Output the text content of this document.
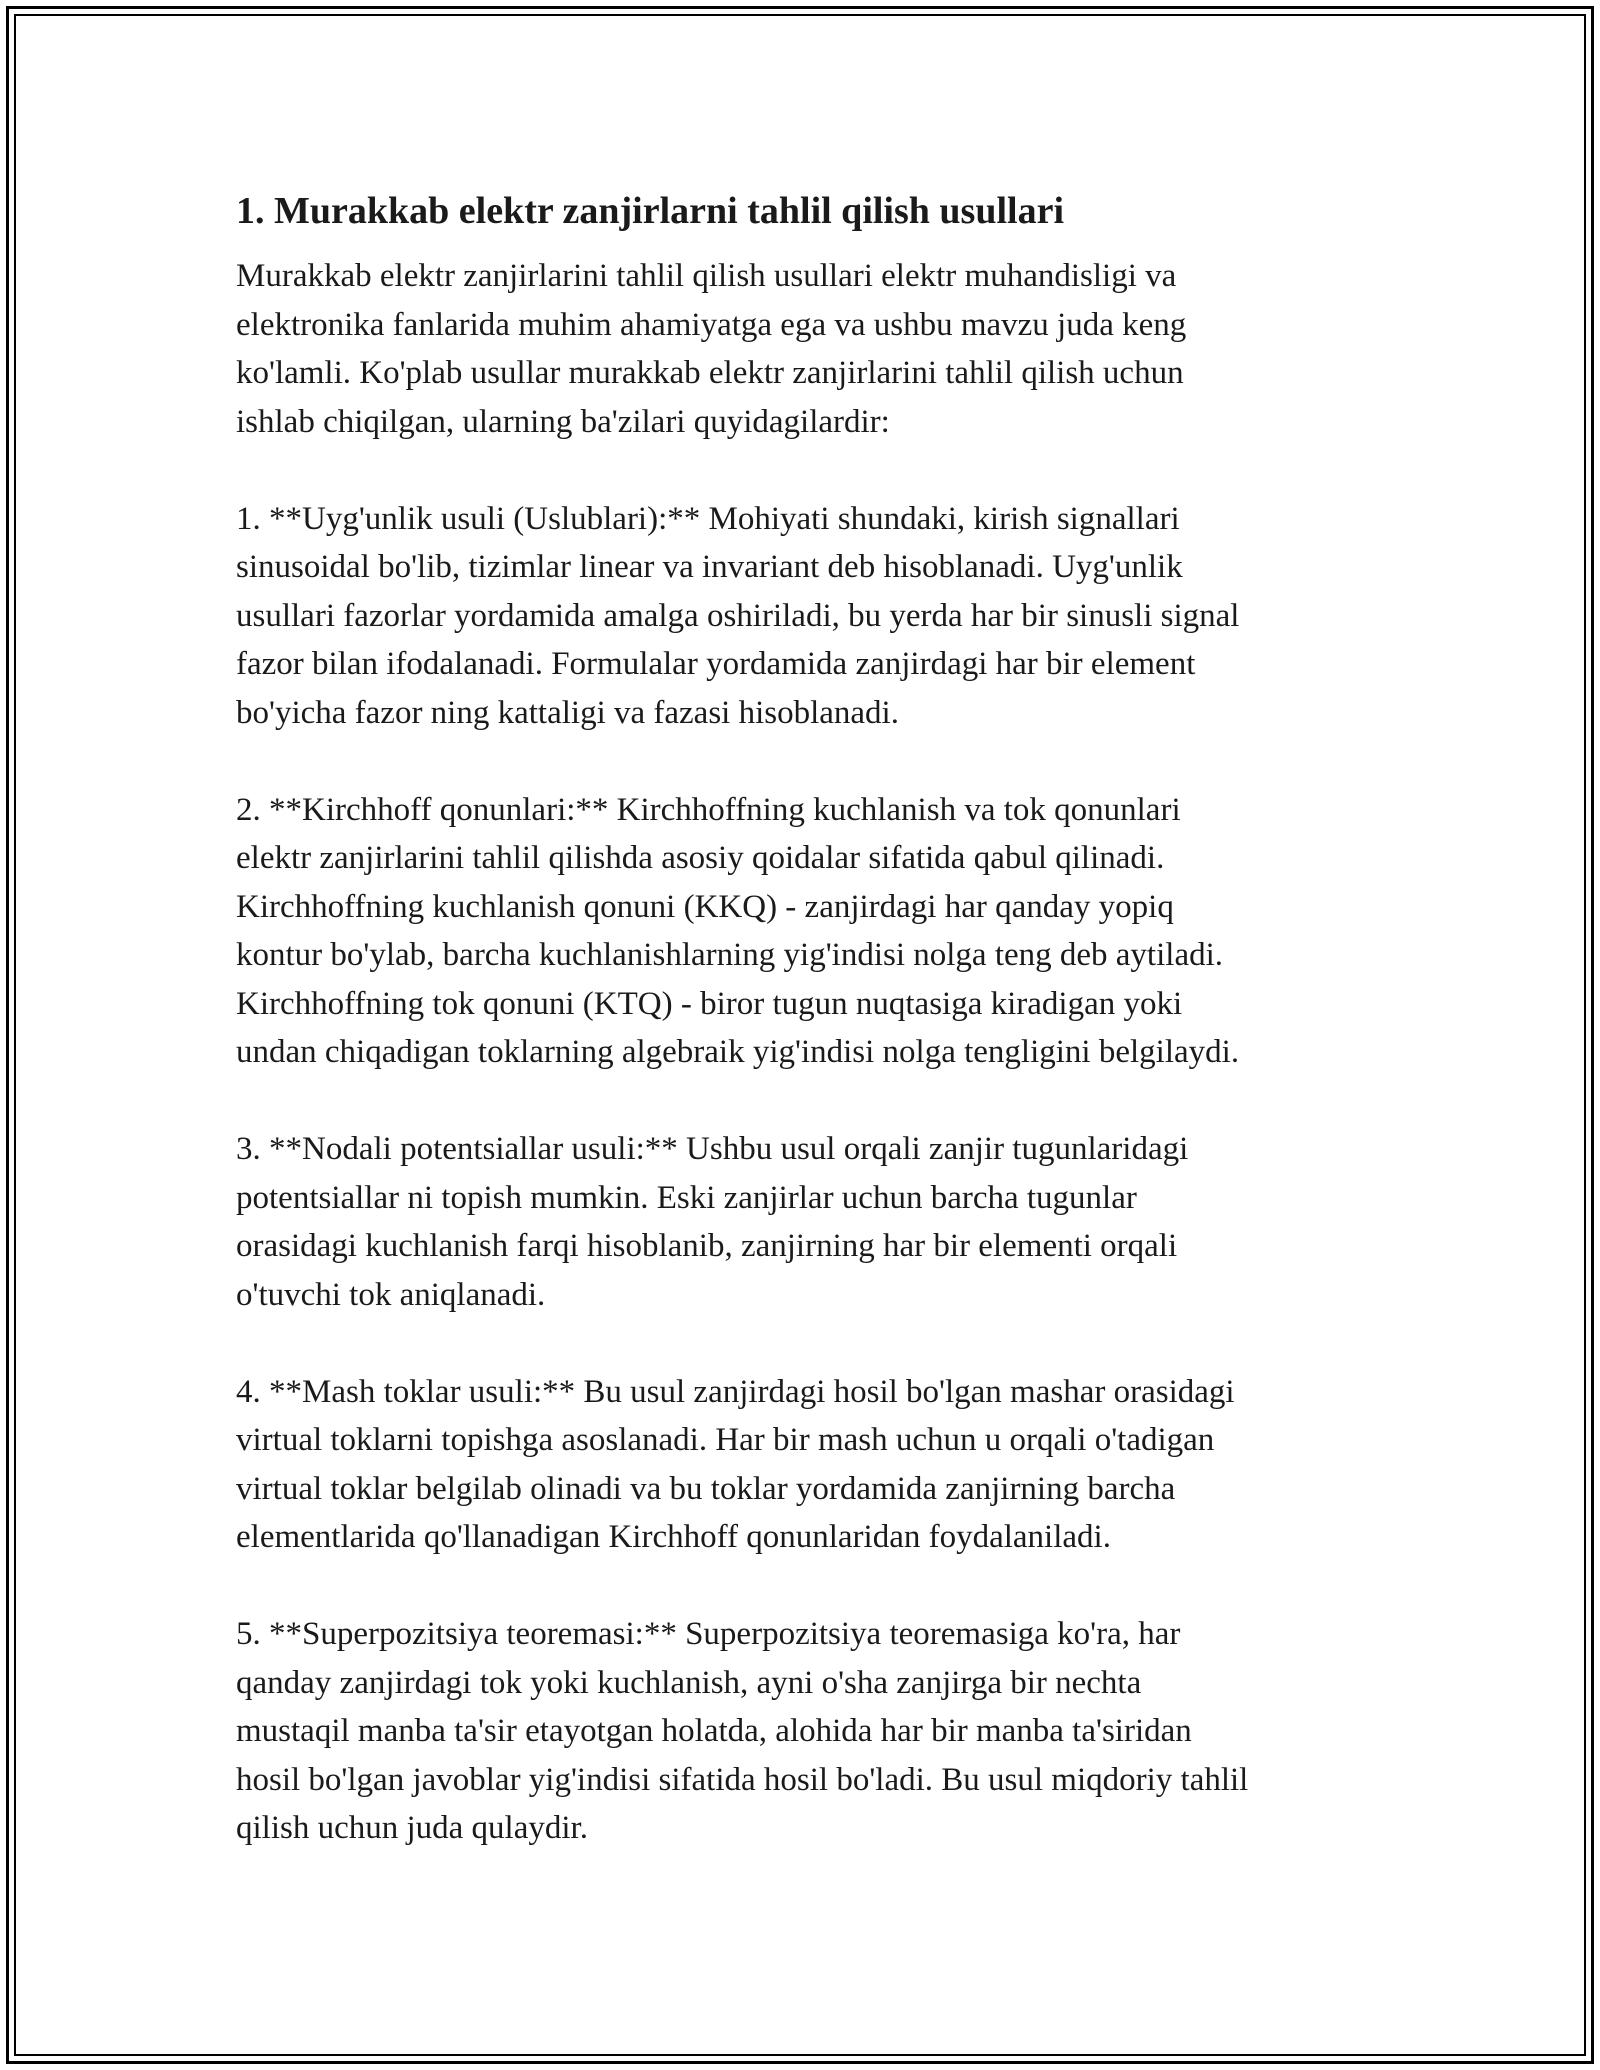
1. Murakkab elektr zanjirlarni tahlil qilish usullari

Murakkab elektr zanjirlarini tahlil qilish usullari elektr muhandisligi va
elektronika fanlarida muhim ahamiyatga ega va ushbu mavzu juda keng
ko'lamli. Ko'plab usullar murakkab elektr zanjirlarini tahlil qilish uchun
ishlab chiqilgan, ularning ba'zilari quyidagilardir:

1. **Uyg'unlik usuli (Uslublari):** Mohiyati shundaki, kirish signallari
sinusoidal bo'lib, tizimlar linear va invariant deb hisoblanadi. Uyg'unlik
usullari fazorlar yordamida amalga oshiriladi, bu yerda har bir sinusli signal
fazor bilan ifodalanadi. Formulalar yordamida zanjirdagi har bir element
bo'yicha fazor ning kattaligi va fazasi hisoblanadi.

2. **Kirchhoff qonunlari:** Kirchhoffning kuchlanish va tok qonunlari
elektr zanjirlarini tahlil qilishda asosiy qoidalar sifatida qabul qilinadi.
Kirchhoffning kuchlanish qonuni (KKQ) - zanjirdagi har qanday yopiq
kontur bo'ylab, barcha kuchlanishlarning yig'indisi nolga teng deb aytiladi.
Kirchhoffning tok qonuni (KTQ) - biror tugun nuqtasiga kiradigan yoki
undan chiqadigan toklarning algebraik yig'indisi nolga tengligini belgilaydi.

3. **Nodali potentsiallar usuli:** Ushbu usul orqali zanjir tugunlaridagi
potentsiallar ni topish mumkin. Eski zanjirlar uchun barcha tugunlar
orasidagi kuchlanish farqi hisoblanib, zanjirning har bir elementi orqali
o'tuvchi tok aniqlanadi.

4. **Mash toklar usuli:** Bu usul zanjirdagi hosil bo'lgan mashar orasidagi
virtual toklarni topishga asoslanadi. Har bir mash uchun u orqali o'tadigan
virtual toklar belgilab olinadi va bu toklar yordamida zanjirning barcha
elementlarida qo'llanadigan Kirchhoff qonunlaridan foydalaniladi.

5. **Superpozitsiya teoremasi:** Superpozitsiya teoremasiga ko'ra, har
qanday zanjirdagi tok yoki kuchlanish, ayni o'sha zanjirga bir nechta
mustaqil manba ta'sir etayotgan holatda, alohida har bir manba ta'siridan
hosil bo'lgan javoblar yig'indisi sifatida hosil bo'ladi. Bu usul miqdoriy tahlil
qilish uchun juda qulaydir.
